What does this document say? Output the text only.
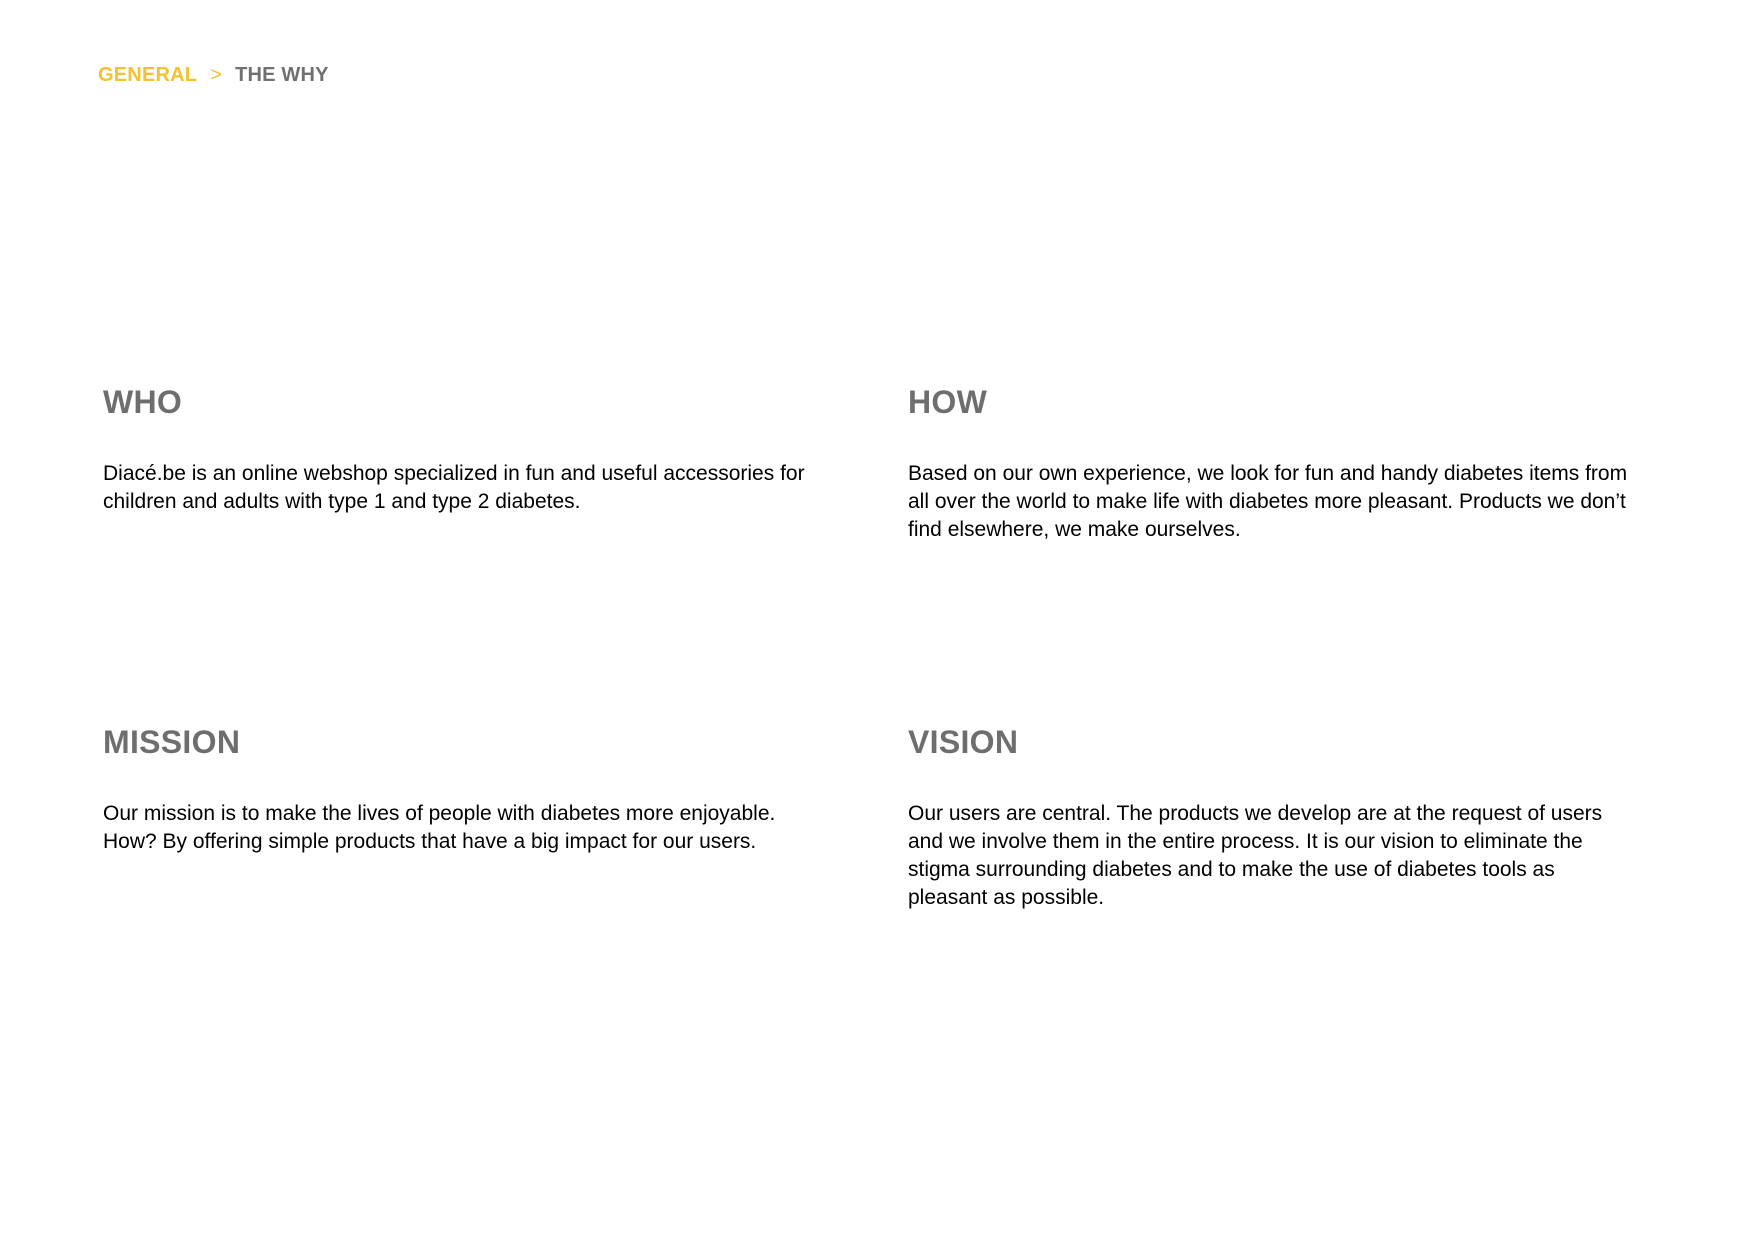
GENERAL > THE WHY
WHO

Diacé.be is an online webshop specialized in fun and useful accessories for children and adults with type 1 and type 2 diabetes.

HOW

Based on our own experience, we look for fun and handy diabetes items from all over the world to make life with diabetes more pleasant. Products we don’t find elsewhere, we make ourselves.

MISSION

Our mission is to make the lives of people with diabetes more enjoyable. How? By offering simple products that have a big impact for our users.

VISION

Our users are central. The products we develop are at the request of users and we involve them in the entire process. It is our vision to eliminate the stigma surrounding diabetes and to make the use of diabetes tools as pleasant as possible.
